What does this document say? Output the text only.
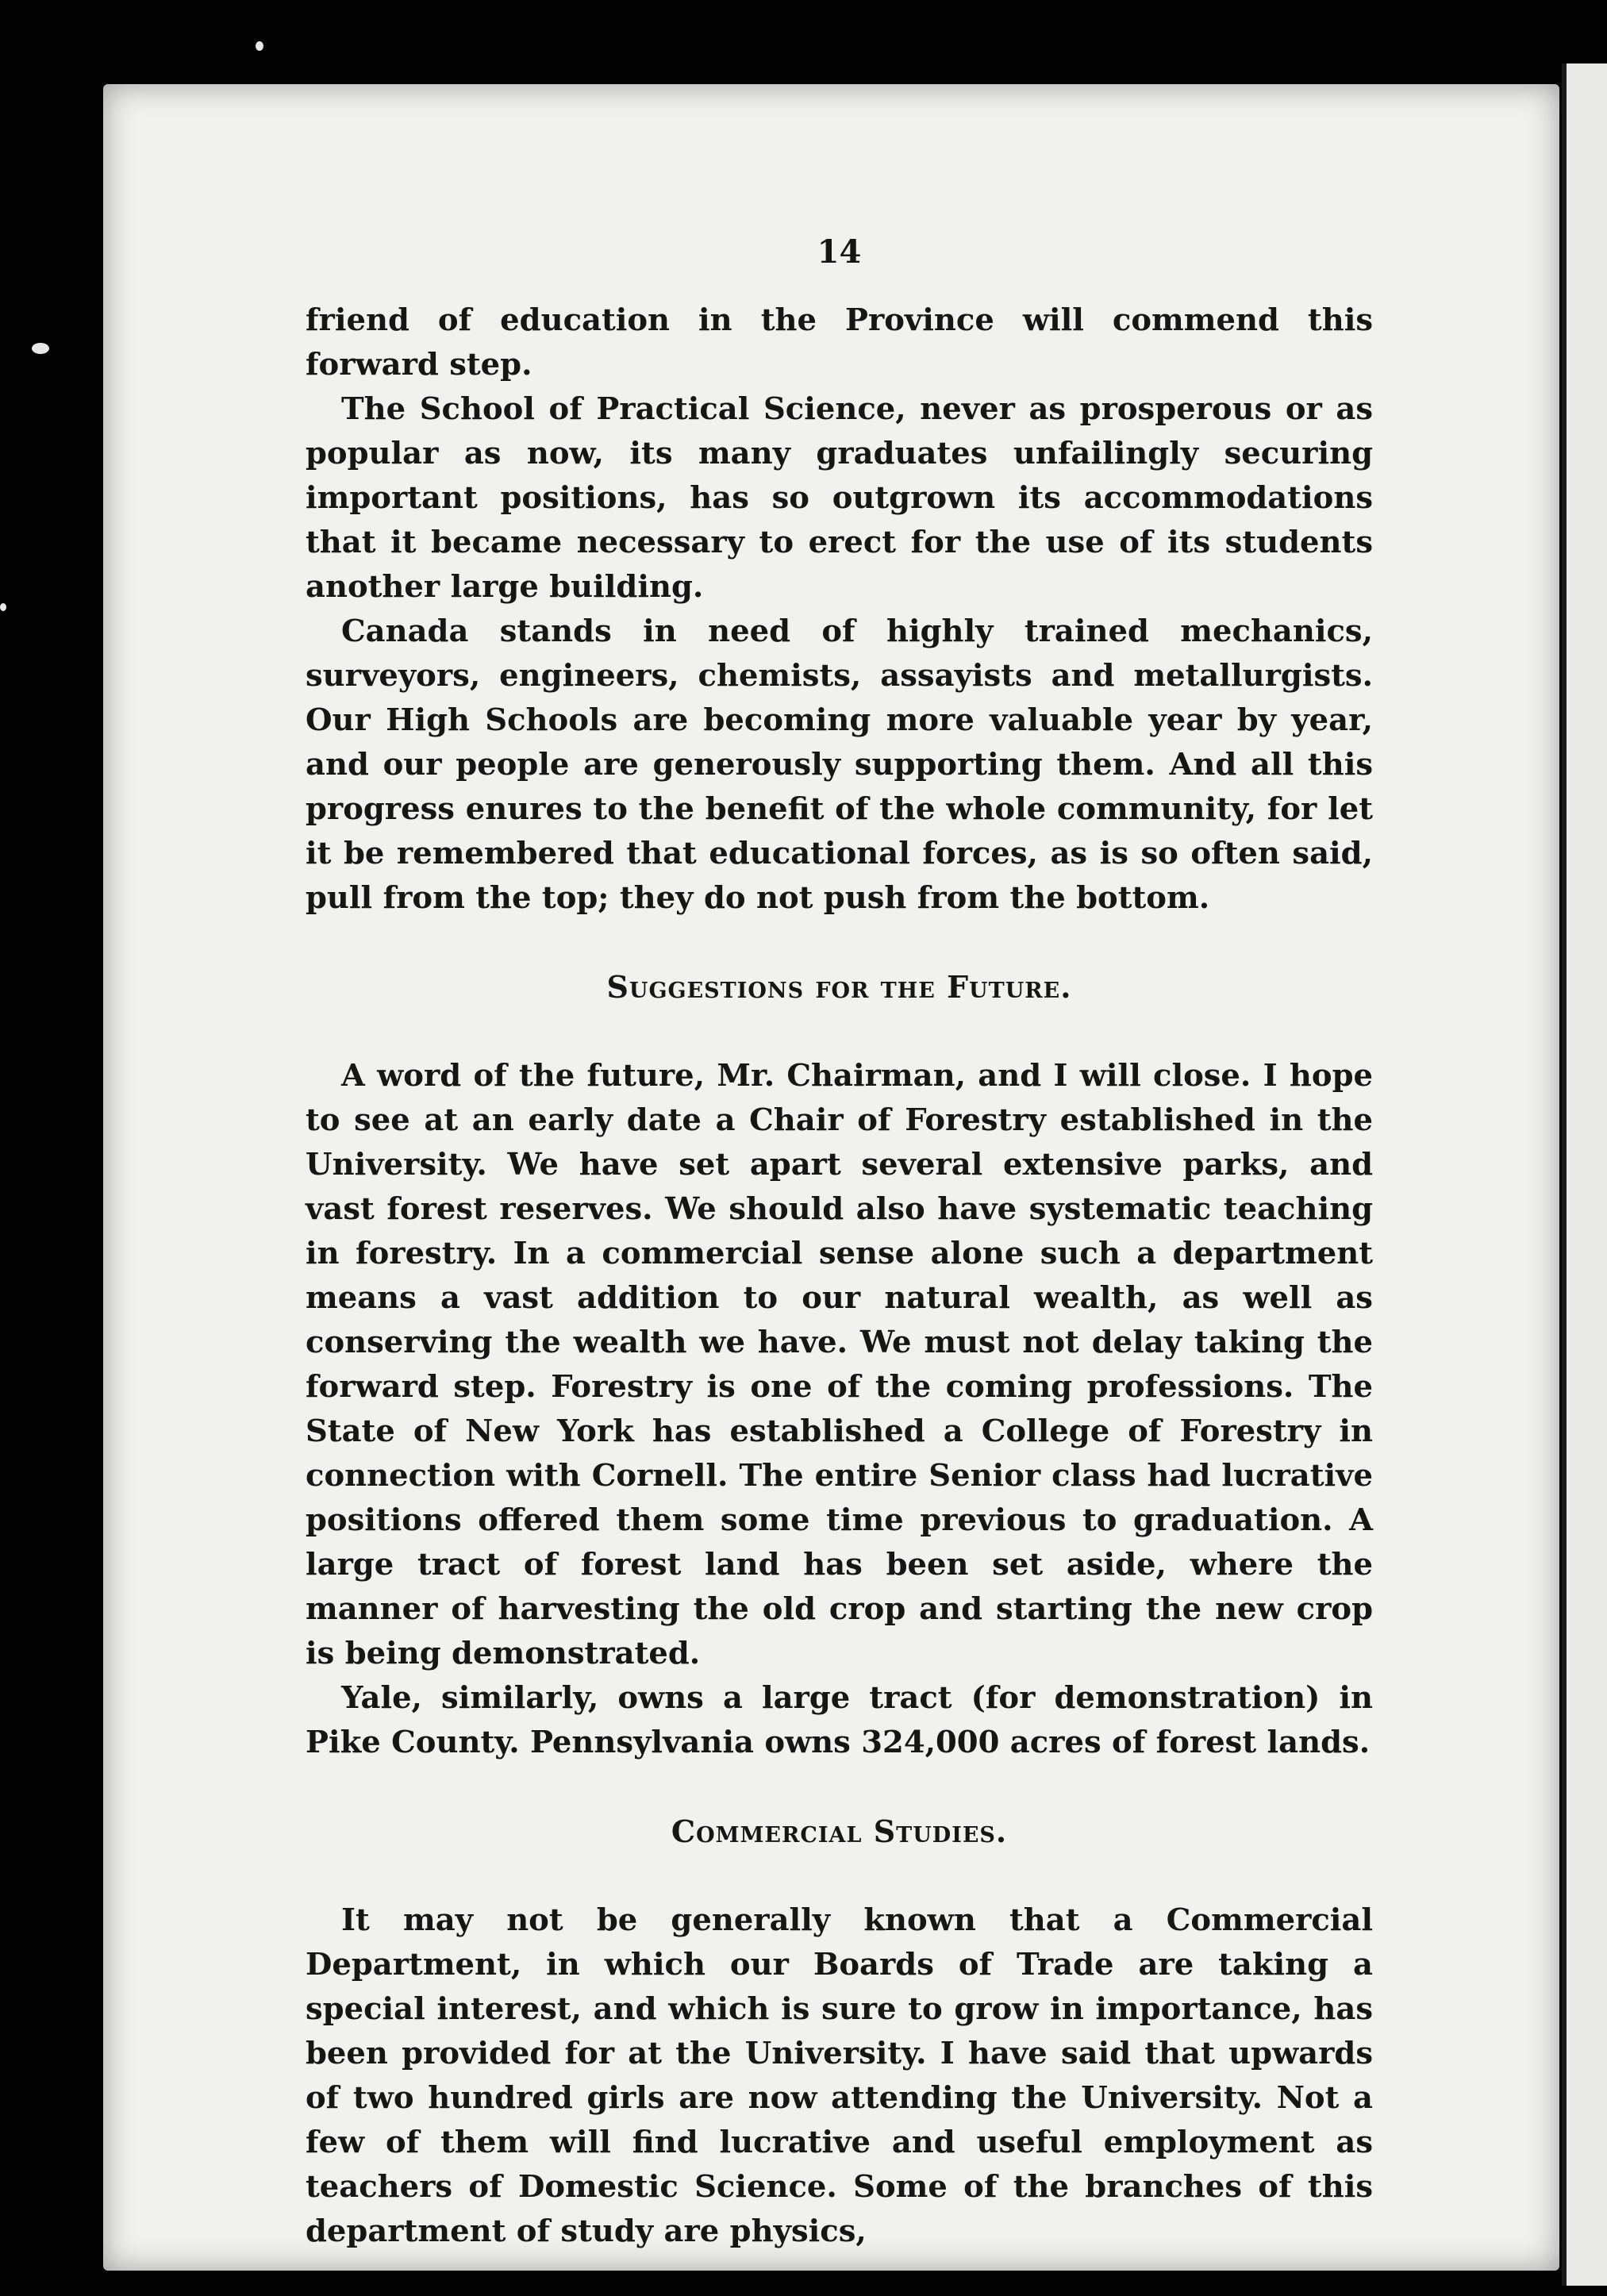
14

friend of education in the Province will commend this forward step.

The School of Practical Science, never as prosperous or as popular as now, its many graduates unfailingly securing important positions, has so outgrown its accommodations that it became necessary to erect for the use of its students another large building.

Canada stands in need of highly trained mechanics, surveyors, engineers, chemists, assayists and metallurgists. Our High Schools are becoming more valuable year by year, and our people are generously supporting them. And all this progress enures to the benefit of the whole community, for let it be remembered that educational forces, as is so often said, pull from the top; they do not push from the bottom.

Suggestions for the Future.

A word of the future, Mr. Chairman, and I will close. I hope to see at an early date a Chair of Forestry established in the University. We have set apart several extensive parks, and vast forest reserves. We should also have systematic teaching in forestry. In a commercial sense alone such a department means a vast addition to our natural wealth, as well as conserving the wealth we have. We must not delay taking the forward step. Forestry is one of the coming professions. The State of New York has established a College of Forestry in connection with Cornell. The entire Senior class had lucrative positions offered them some time previous to graduation. A large tract of forest land has been set aside, where the manner of harvesting the old crop and starting the new crop is being demonstrated.

Yale, similarly, owns a large tract (for demonstration) in Pike County. Pennsylvania owns 324,000 acres of forest lands.

Commercial Studies.

It may not be generally known that a Commercial Department, in which our Boards of Trade are taking a special interest, and which is sure to grow in importance, has been provided for at the University. I have said that upwards of two hundred girls are now attending the University. Not a few of them will find lucrative and useful employment as teachers of Domestic Science. Some of the branches of this department of study are physics,
